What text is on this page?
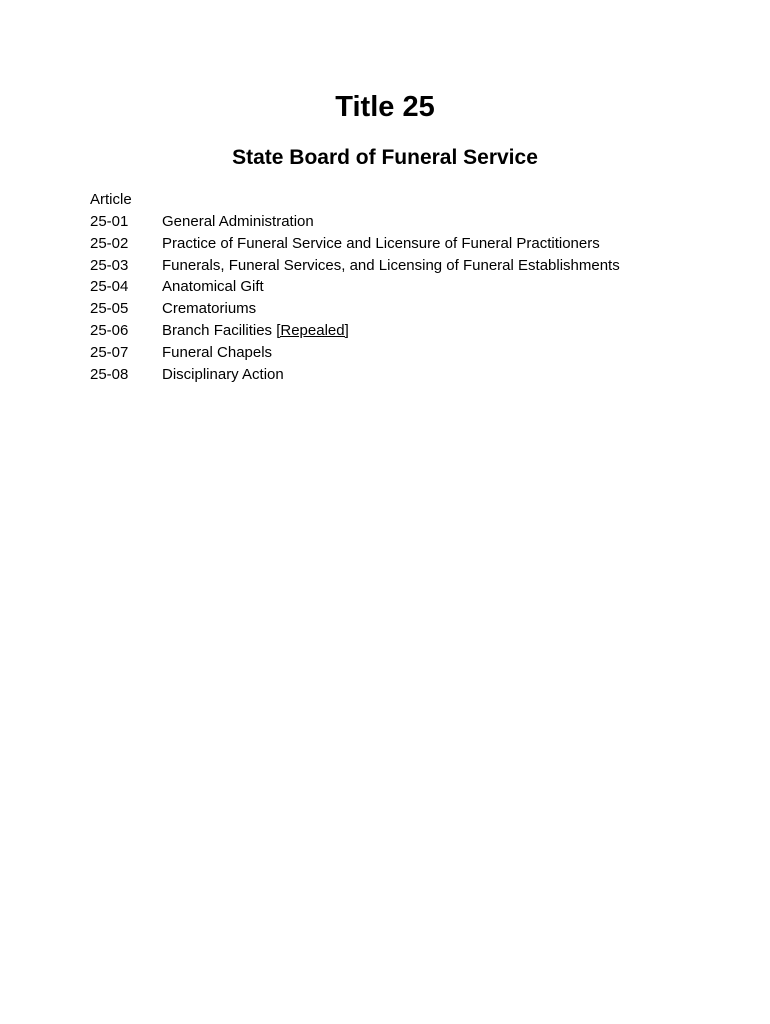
Title 25
State Board of Funeral Service
Article
25-01 General Administration
25-02 Practice of Funeral Service and Licensure of Funeral Practitioners
25-03 Funerals, Funeral Services, and Licensing of Funeral Establishments
25-04 Anatomical Gift
25-05 Crematoriums
25-06 Branch Facilities [Repealed]
25-07 Funeral Chapels
25-08 Disciplinary Action
